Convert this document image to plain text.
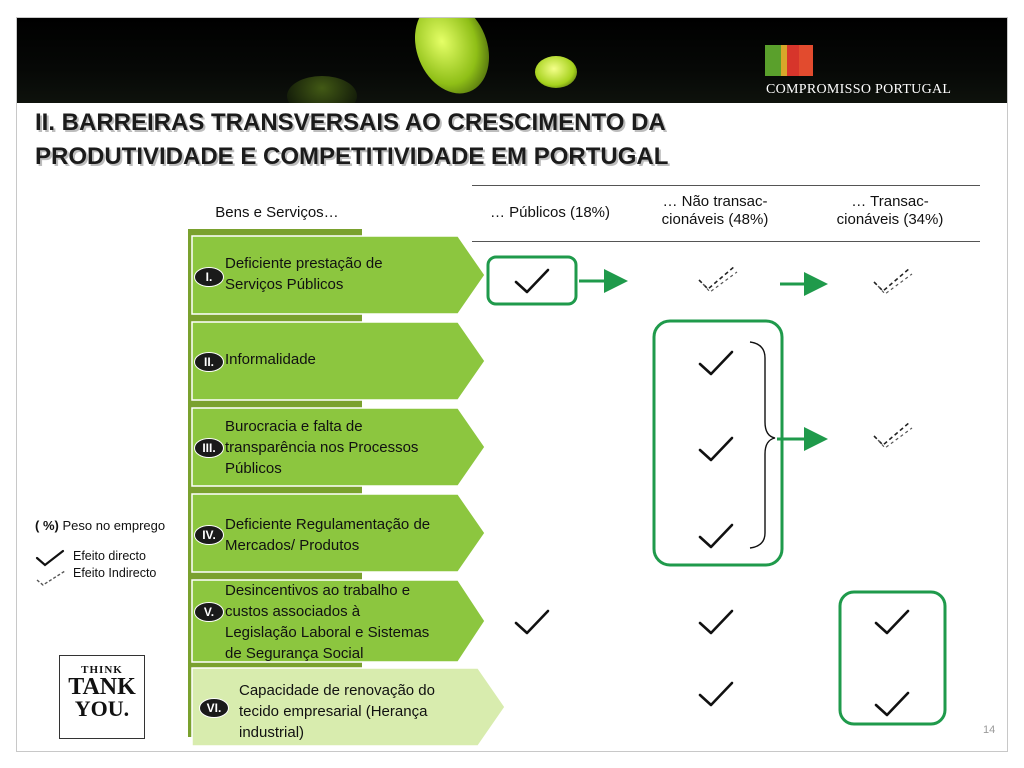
COMPROMISSO PORTUGAL
II. BARREIRAS TRANSVERSAIS AO CRESCIMENTO DA
PRODUTIVIDADE E COMPETITIVIDADE EM PORTUGAL
Bens e Serviços…	… Públicos (18%)
… Não transac-
cionáveis (48%)
… Transac-
cionáveis (34%)
I.
II.
III.
IV.
V.
VI.
Deficiente prestação de
Serviços Públicos
Informalidade
Burocracia e falta de
transparência nos Processos
Públicos
Deficiente Regulamentação de
Mercados/ Produtos
Desincentivos ao trabalho e
custos associados à
Legislação Laboral e Sistemas
de Segurança Social
Capacidade de renovação do
tecido empresarial (Herança
industrial)
( %) Peso no emprego
Efeito directo
Efeito Indirecto
THINK
TANK
YOU.
14
